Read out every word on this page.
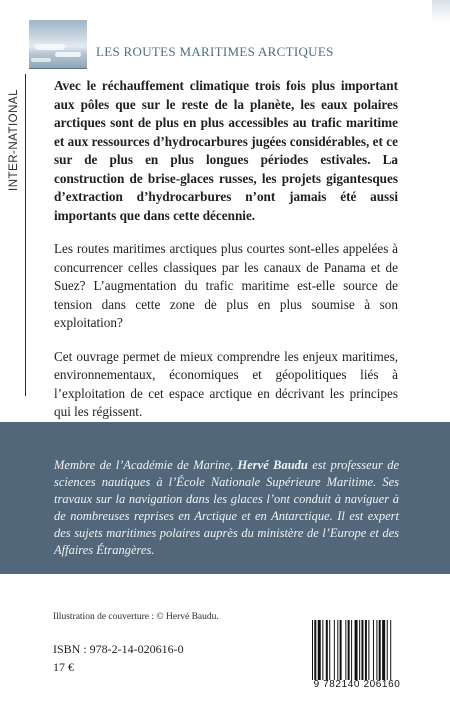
LES ROUTES MARITIMES ARCTIQUES
INTER-NATIONAL

Avec le réchauffement climatique trois fois plus important aux pôles que sur le reste de la planète, les eaux polaires arctiques sont de plus en plus accessibles au trafic maritime et aux ressources d’hydrocarbures jugées considérables, et ce sur de plus en plus longues périodes estivales. La construction de brise-glaces russes, les projets gigantesques d’extraction d’hydrocarbures n’ont jamais été aussi importants que dans cette décennie.

Les routes maritimes arctiques plus courtes sont-elles appelées à concurrencer celles classiques par les canaux de Panama et de Suez? L’augmentation du trafic maritime est-elle source de tension dans cette zone de plus en plus soumise à son exploitation?

Cet ouvrage permet de mieux comprendre les enjeux maritimes, environnementaux, économiques et géopolitiques liés à l’exploitation de cet espace arctique en décrivant les principes qui les régissent.

Membre de l’Académie de Marine, Hervé Baudu est professeur de sciences nautiques à l’École Nationale Supérieure Maritime. Ses travaux sur la navigation dans les glaces l’ont conduit à naviguer à de nombreuses reprises en Arctique et en Antarctique. Il est expert des sujets maritimes polaires auprès du ministère de l’Europe et des Affaires Étrangères.
Illustration de couverture : © Hervé Baudu.
ISBN : 978-2-14-020616-0
17 €
9 782140 206160
